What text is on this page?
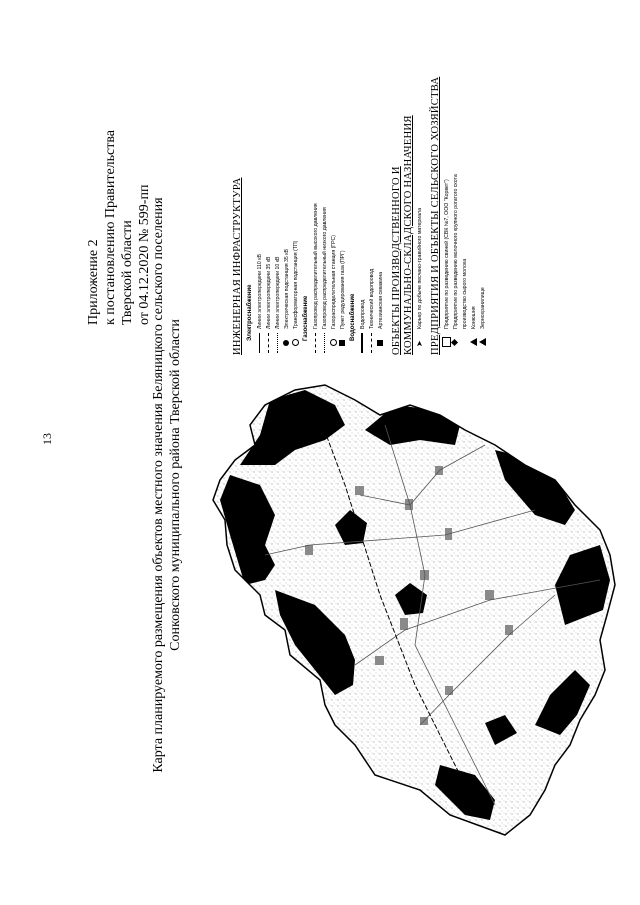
13
Приложение 2 к постановлению Правительства Тверской области от 04.12.2020 № 599-пп Карта планируемого размещения объектов местного значения Беляницкого сельского поселения Сонковского муниципального района Тверской области
ИНЖЕНЕРНАЯ ИНФРАСТРУКТУРА Электроснабжение Линии электропередачи 110 кВ Линии электропередачи 35 кВ Линии электропередачи 10 кВ Электрическая подстанция 35 кВ Трансформаторная подстанция (ТП) Газоснабжение Газопровод распределительный высокого давления Газопровод распределительный низкого давления Газораспределительная станция (ГРС) Пункт редуцирования газа (ПРГ) Водоснабжение Водопровод Технический водопровод Артезианская скважина ОБЪЕКТЫ ПРОИЗВОДСТВЕННОГО И КОММУНАЛЬНО-СКЛАДСКОГО НАЗНАЧЕНИЯ ➤
Карьер по добыче песчано-гравийного материала ПРЕДПРИЯТИЯ И ОБЪЕКТЫ СЕЛЬСКОГО ХОЗЯЙСТВА Предприятие по разведению свиней (СВК №7, ООО "Корвет") Предприятие по разведению молочного крупного рогатого скота производство сырого молока Конюшня Зернохранилище
